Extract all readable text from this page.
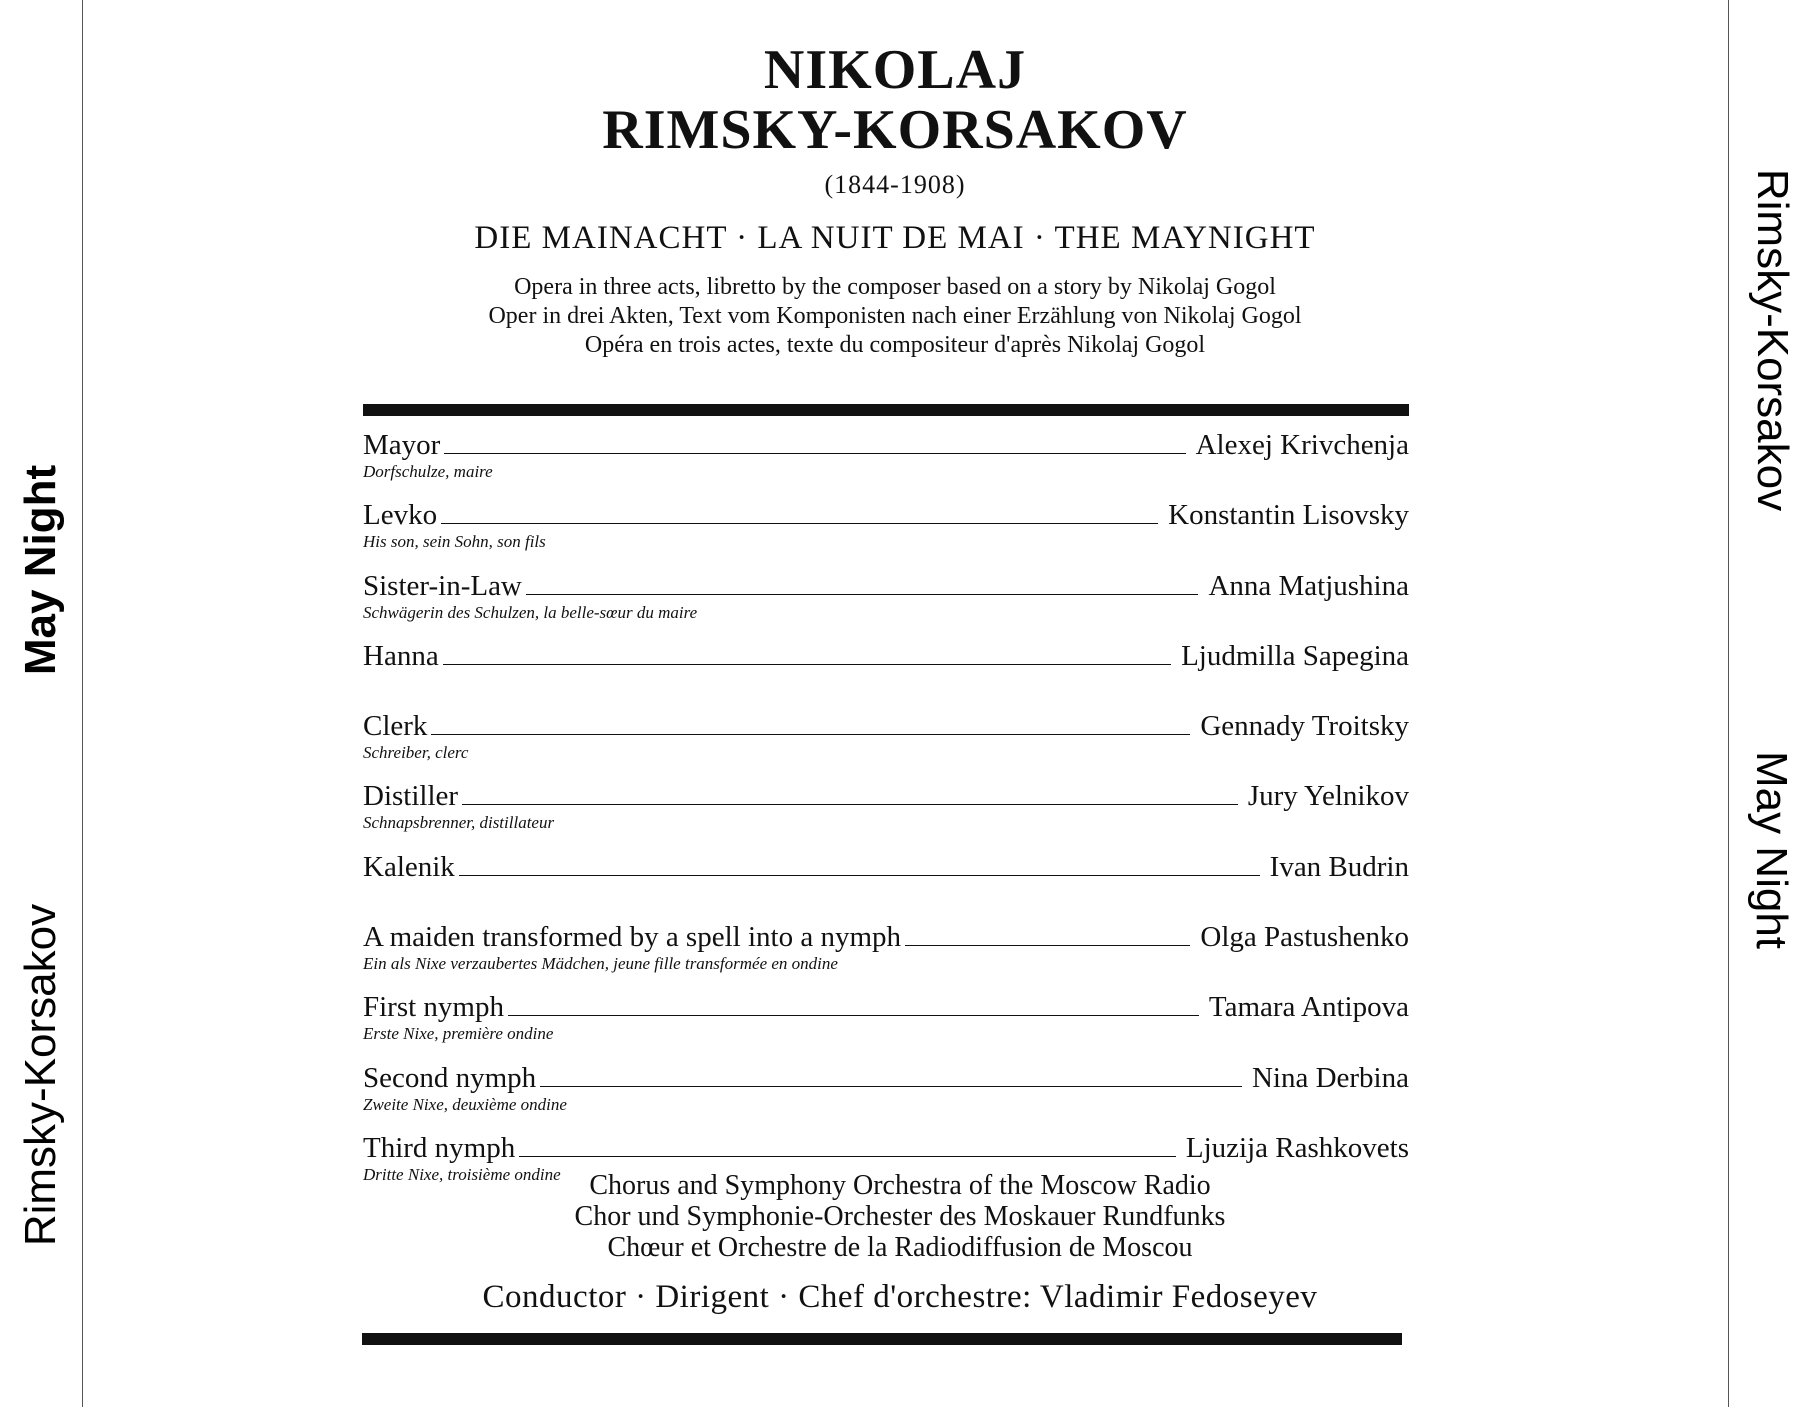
May Night
Rimsky-Korsakov
Rimsky-Korsakov
May Night
NIKOLAJ
RIMSKY-KORSAKOV
(1844-1908)
DIE MAINACHT · LA NUIT DE MAI · THE MAYNIGHT
Opera in three acts, libretto by the composer based on a story by Nikolaj Gogol
Oper in drei Akten, Text vom Komponisten nach einer Erzählung von Nikolaj Gogol
Opéra en trois actes, texte du compositeur d'après Nikolaj Gogol
Mayor	Alexej Krivchenja
Dorfschulze, maire
Levko	Konstantin Lisovsky
His son, sein Sohn, son fils
Sister-in-Law	Anna Matjushina
Schwägerin des Schulzen, la belle-sœur du maire
Hanna	Ljudmilla Sapegina
Clerk	Gennady Troitsky
Schreiber, clerc
Distiller	Jury Yelnikov
Schnapsbrenner, distillateur
Kalenik	Ivan Budrin
A maiden transformed by a spell into a nymph	Olga Pastushenko
Ein als Nixe verzaubertes Mädchen, jeune fille transformée en ondine
First nymph	Tamara Antipova
Erste Nixe, première ondine
Second nymph	Nina Derbina
Zweite Nixe, deuxième ondine
Third nymph	Ljuzija Rashkovets
Dritte Nixe, troisième ondine	Chorus and Symphony Orchestra of the Moscow Radio
Chor und Symphonie-Orchester des Moskauer Rundfunks
Chœur et Orchestre de la Radiodiffusion de Moscou
Conductor · Dirigent · Chef d'orchestre: Vladimir Fedoseyev
